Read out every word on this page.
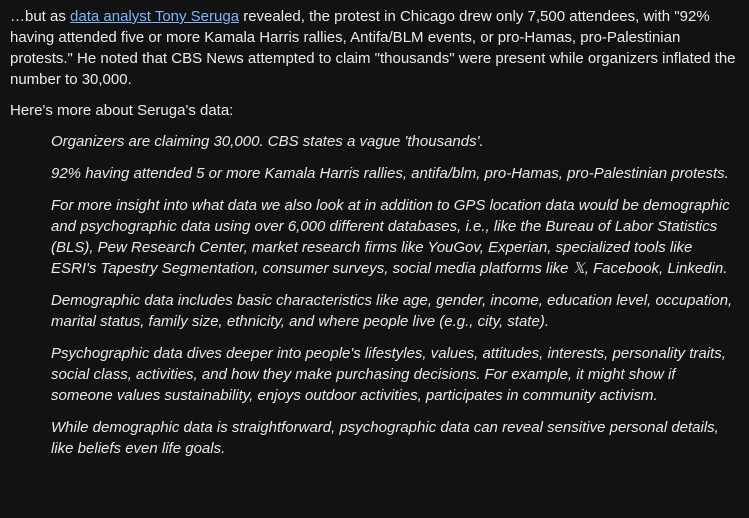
…but as data analyst Tony Seruga revealed, the protest in Chicago drew only 7,500 attendees, with "92% having attended five or more Kamala Harris rallies, Antifa/BLM events, or pro-Hamas, pro-Palestinian protests." He noted that CBS News attempted to claim "thousands" were present while organizers inflated the number to 30,000.

Here's more about Seruga's data:

Organizers are claiming 30,000. CBS states a vague 'thousands'.

92% having attended 5 or more Kamala Harris rallies, antifa/blm, pro-Hamas, pro-Palestinian protests.

For more insight into what data we also look at in addition to GPS location data would be demographic and psychographic data using over 6,000 different databases, i.e., like the Bureau of Labor Statistics (BLS), Pew Research Center, market research firms like YouGov, Experian, specialized tools like ESRI's Tapestry Segmentation, consumer surveys, social media platforms like 𝕏, Facebook, Linkedin.

Demographic data includes basic characteristics like age, gender, income, education level, occupation, marital status, family size, ethnicity, and where people live (e.g., city, state).

Psychographic data dives deeper into people's lifestyles, values, attitudes, interests, personality traits, social class, activities, and how they make purchasing decisions. For example, it might show if someone values sustainability, enjoys outdoor activities, participates in community activism.

While demographic data is straightforward, psychographic data can reveal sensitive personal details, like beliefs even life goals.
